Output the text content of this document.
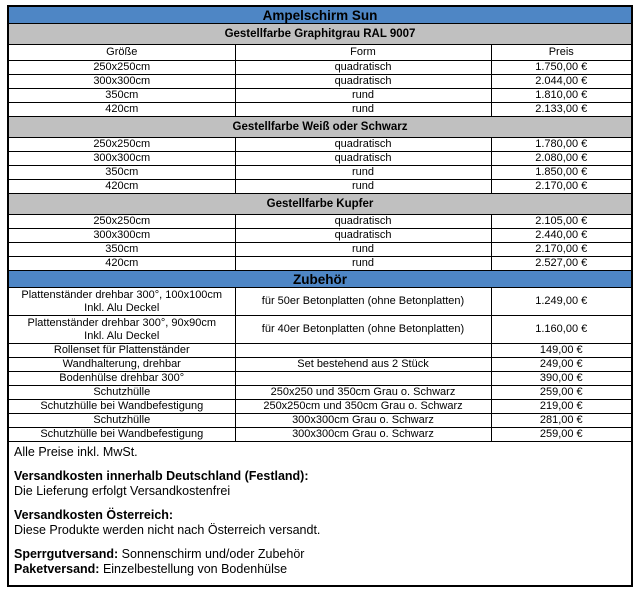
Ampelschirm Sun		
Gestellfarbe Graphitgrau RAL 9007		
Größe	Form	Preis
250x250cm	quadratisch	1.750,00 €
300x300cm	quadratisch	2.044,00 €
350cm	rund	1.810,00 €
420cm	rund	2.133,00 €
Gestellfarbe Weiß oder Schwarz		
250x250cm	quadratisch	1.780,00 €
300x300cm	quadratisch	2.080,00 €
350cm	rund	1.850,00 €
420cm	rund	2.170,00 €
Gestellfarbe Kupfer		
250x250cm	quadratisch	2.105,00 €
300x300cm	quadratisch	2.440,00 €
350cm	rund	2.170,00 €
420cm	rund	2.527,00 €
Zubehör		

Plattenständer drehbar 300°, 100x100cm
Inkl. Alu Deckel	für 50er Betonplatten (ohne Betonplatten)	1.249,00 €

Plattenständer drehbar 300°, 90x90cm
Inkl. Alu Deckel	für 40er Betonplatten (ohne Betonplatten)	1.160,00 €
Rollenset für Plattenständer		149,00 €
Wandhalterung, drehbar	Set bestehend aus 2 Stück	249,00 €
Bodenhülse drehbar 300°		390,00 €
Schutzhülle	250x250 und 350cm Grau o. Schwarz	259,00 €
Schutzhülle bei Wandbefestigung	250x250cm und 350cm Grau o. Schwarz	219,00 €
Schutzhülle	300x300cm Grau o. Schwarz	281,00 €
Schutzhülle bei Wandbefestigung	300x300cm Grau o. Schwarz	259,00 €

Alle Preise inkl. MwSt.
Versandkosten innerhalb Deutschland (Festland):
Die Lieferung erfolgt Versandkostenfrei
Versandkosten Österreich:
Diese Produkte werden nicht nach Österreich versandt.
Sperrgutversand: Sonnenschirm und/oder Zubehör
Paketversand: Einzelbestellung von Bodenhülse
